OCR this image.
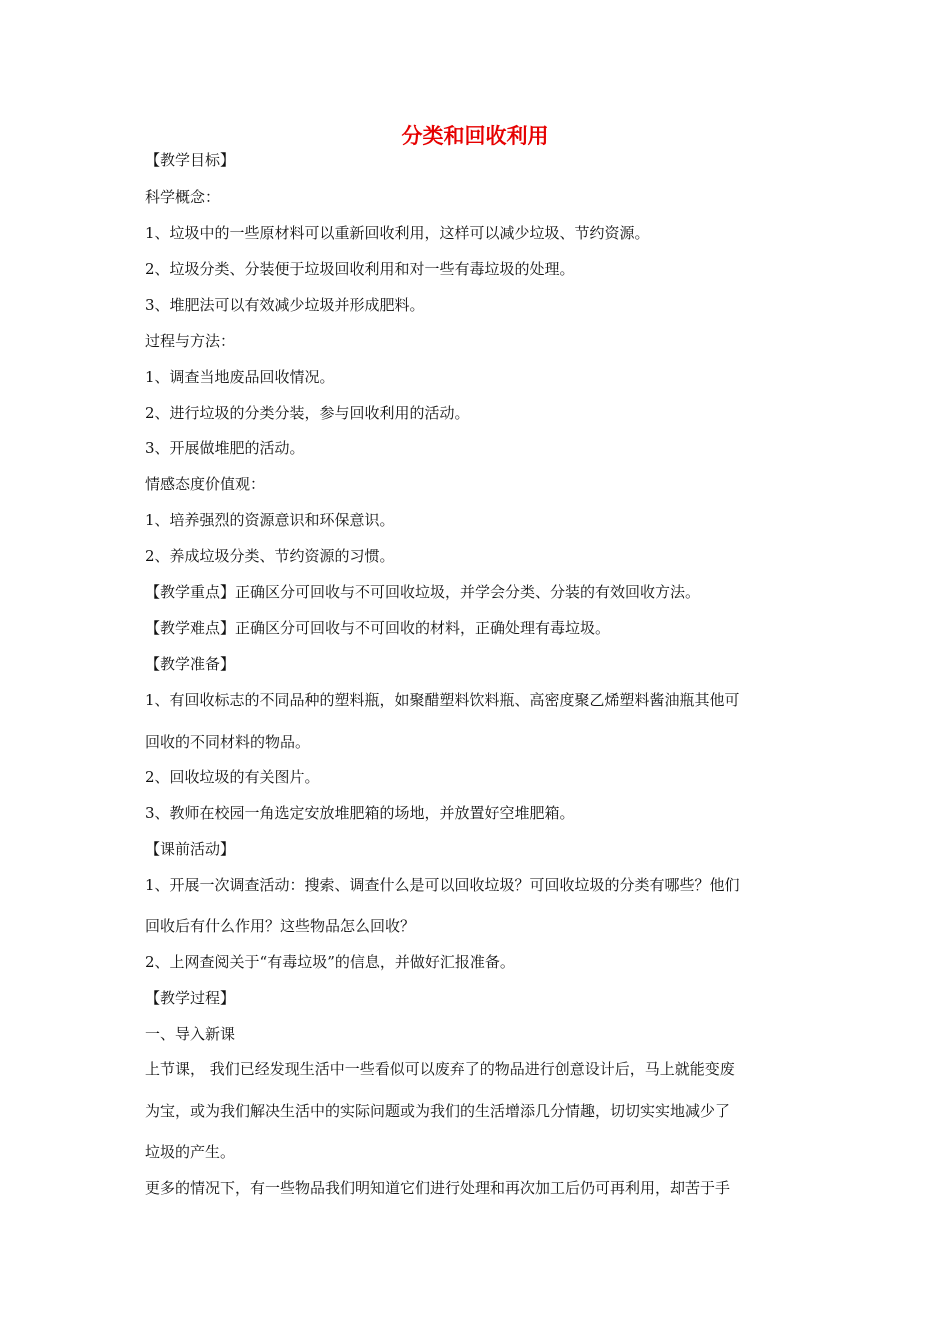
分类和回收利用
【教学目标】
科学概念：
1、垃圾中的一些原材料可以重新回收利用，这样可以减少垃圾、节约资源。
2、垃圾分类、分装便于垃圾回收利用和对一些有毒垃圾的处理。
3、堆肥法可以有效减少垃圾并形成肥料。
过程与方法：
1、调查当地废品回收情况。
2、进行垃圾的分类分装，参与回收利用的活动。
3、开展做堆肥的活动。
情感态度价值观：
1、培养强烈的资源意识和环保意识。
2、养成垃圾分类、节约资源的习惯。
【教学重点】正确区分可回收与不可回收垃圾，并学会分类、分装的有效回收方法。
【教学难点】正确区分可回收与不可回收的材料，正确处理有毒垃圾。
【教学准备】
1、有回收标志的不同品种的塑料瓶，如聚醋塑料饮料瓶、高密度聚乙烯塑料酱油瓶其他可
回收的不同材料的物品。
2、回收垃圾的有关图片。
3、教师在校园一角选定安放堆肥箱的场地，并放置好空堆肥箱。
【课前活动】
1、开展一次调查活动：搜索、调查什么是可以回收垃圾？可回收垃圾的分类有哪些？他们
回收后有什么作用？这些物品怎么回收？
2、上网查阅关于“有毒垃圾”的信息，并做好汇报准备。
【教学过程】
一、导入新课
上节课， 我们已经发现生活中一些看似可以废弃了的物品进行创意设计后，马上就能变废
为宝，或为我们解决生活中的实际问题或为我们的生活增添几分情趣，切切实实地减少了
垃圾的产生。
更多的情况下，有一些物品我们明知道它们进行处理和再次加工后仍可再利用，却苦于手
